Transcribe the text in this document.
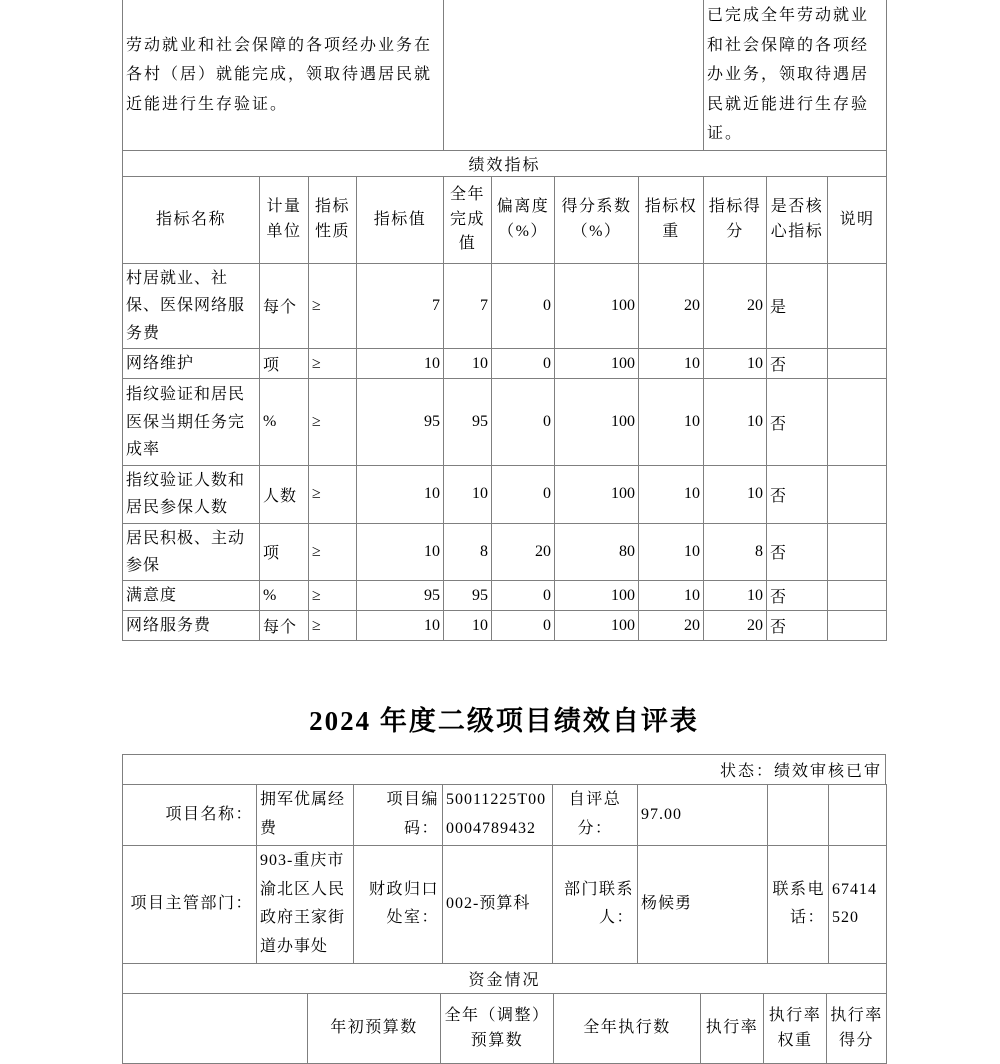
劳动就业和社会保障的各项经办业务在各村（居）就能完成，领取待遇居民就近能进行生存验证。								已完成全年劳动就业和社会保障的各项经办业务，领取待遇居民就近能进行生存验证。		
绩效指标										
指标名称	计量单位	指标性质	指标值	全年完成值	偏离度（%）	得分系数（%）	指标权重	指标得分	是否核心指标	说明
村居就业、社保、医保网络服务费	每个	≥	7	7	0	100	20	20	是	
网络维护	项	≥	10	10	0	100	10	10	否	
指纹验证和居民医保当期任务完成率	%	≥	95	95	0	100	10	10	否	
指纹验证人数和居民参保人数	人数	≥	10	10	0	100	10	10	否	
居民积极、主动参保	项	≥	10	8	20	80	10	8	否	
满意度	%	≥	95	95	0	100	10	10	否	
网络服务费	每个	≥	10	10	0	100	20	20	否	
2024 年度二级项目绩效自评表
状态：绩效审核已审
项目名称：	拥军优属经费	项目编码：	50011225T000004789432	自评总分：	97.00		
项目主管部门：	903-重庆市渝北区人民政府王家街道办事处	财政归口处室：	002-预算科	部门联系人：	杨候勇	联系电话：	67414520
资金情况
	年初预算数	全年（调整）预算数	全年执行数	执行率	执行率权重	执行率得分
